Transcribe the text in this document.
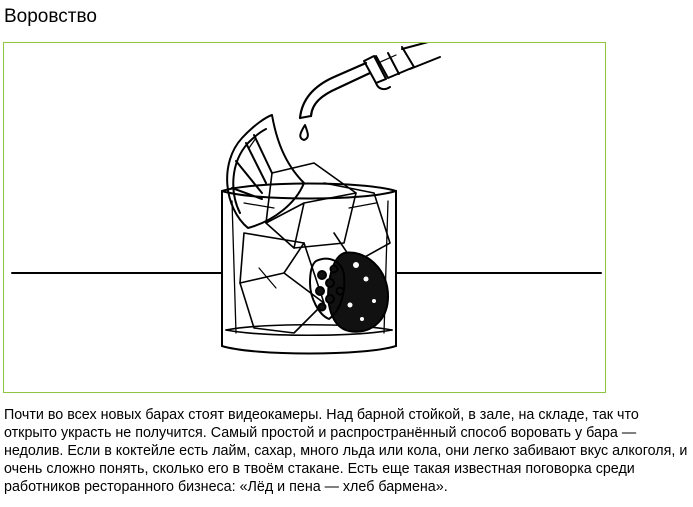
Воровство

Почти во всех новых барах стоят видеокамеры. Над барной стойкой, в зале, на складе, так что открыто украсть не получится. Самый простой и распространённый способ воровать у бара — недолив. Если в коктейле есть лайм, сахар, много льда или кола, они легко забивают вкус алкоголя, и очень сложно понять, сколько его в твоём стакане. Есть еще такая известная поговорка среди работников ресторанного бизнеса: «Лёд и пена — хлеб бармена».
